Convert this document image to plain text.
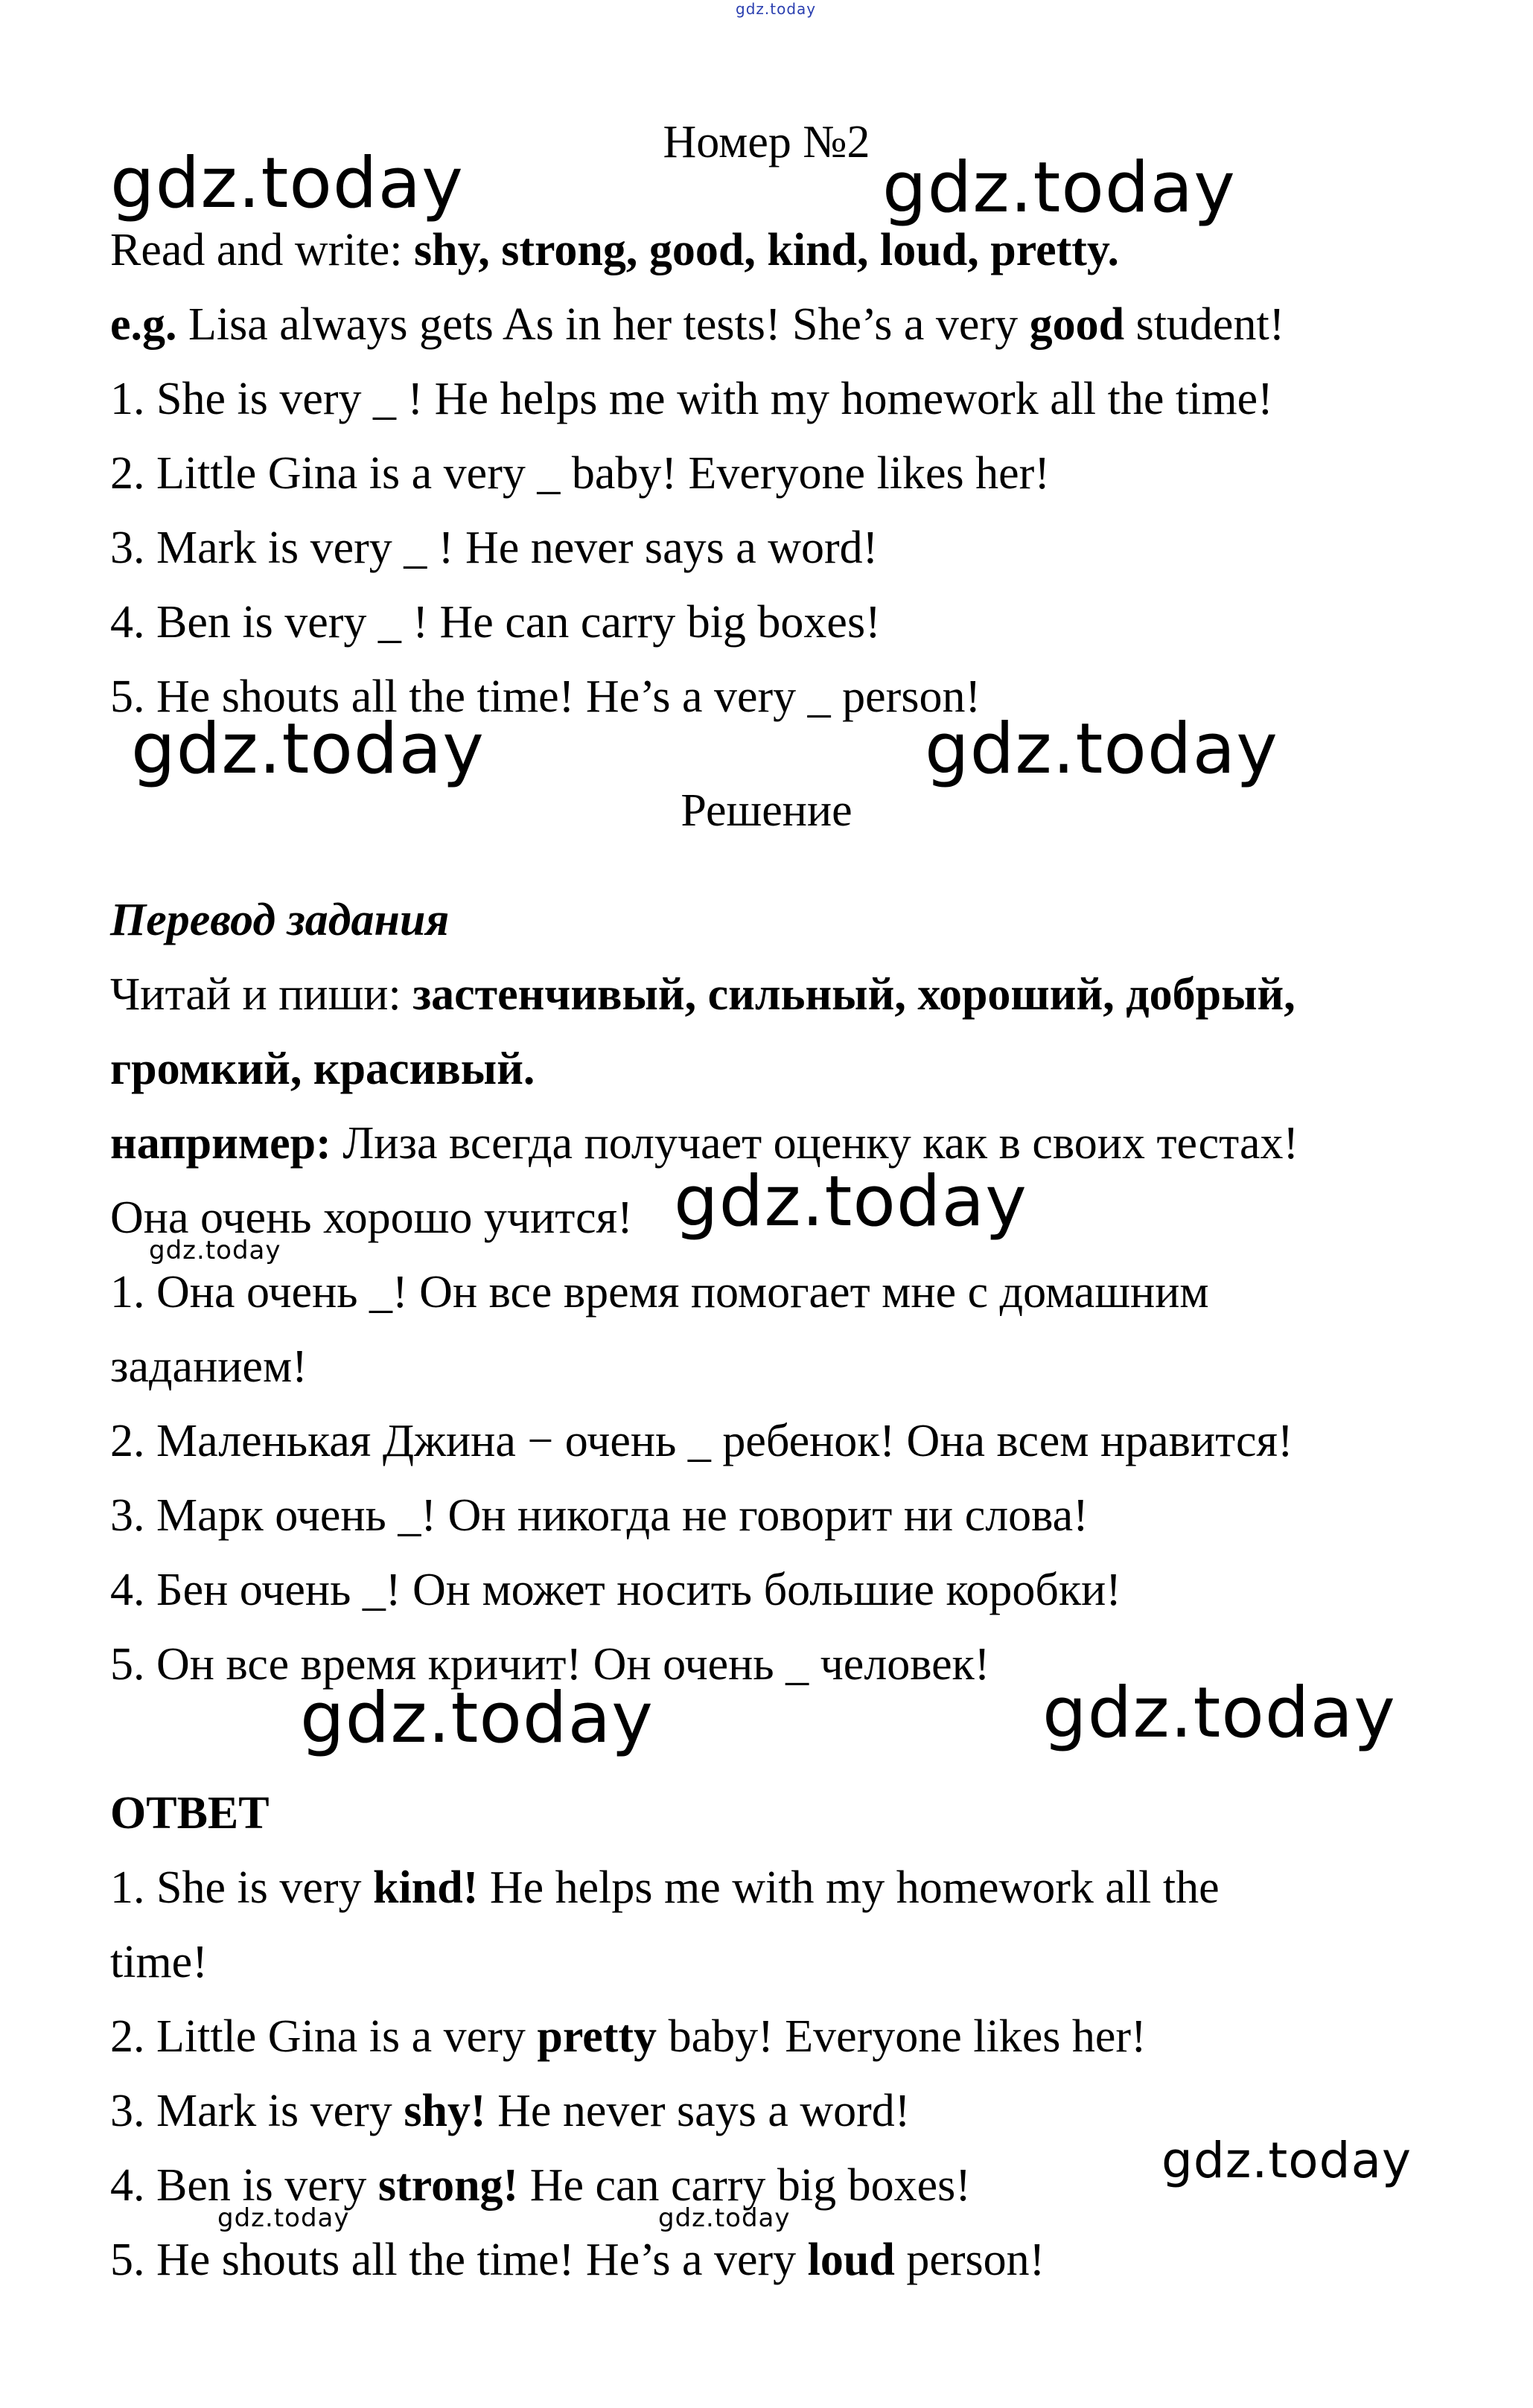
gdz.today
Номер №2
gdz.today	gdz.today
Read and write: shy, strong, good, kind, loud, pretty.
e.g. Lisa always gets As in her tests! She’s a very good student!
1. She is very _ ! He helps me with my homework all the time!
2. Little Gina is a very _ baby! Everyone likes her!
3. Mark is very _ ! He never says a word!
4. Ben is very _ ! He can carry big boxes!
5. He shouts all the time! He’s a very _ person!
gdz.today	gdz.today
Решение
Перевод задания
Читай и пиши: застенчивый, сильный, хороший, добрый,
громкий, красивый.
например: Лиза всегда получает оценку как в своих тестах!
Она очень хорошо учится! gdz.today
gdz.today
1. Она очень _! Он все время помогает мне с домашним
заданием!
2. Маленькая Джина − очень _ ребенок! Она всем нравится!
3. Марк очень _! Он никогда не говорит ни слова!
4. Бен очень _! Он может носить большие коробки!
5. Он все время кричит! Он очень _ человек!
gdz.today	gdz.today
ОТВЕТ
1. She is very kind! He helps me with my homework all the
time!
2. Little Gina is a very pretty baby! Everyone likes her!
3. Mark is very shy! He never says a word!
gdz.today
4. Ben is very strong! He can carry big boxes!
gdz.today	gdz.today
5. He shouts all the time! He’s a very loud person!
